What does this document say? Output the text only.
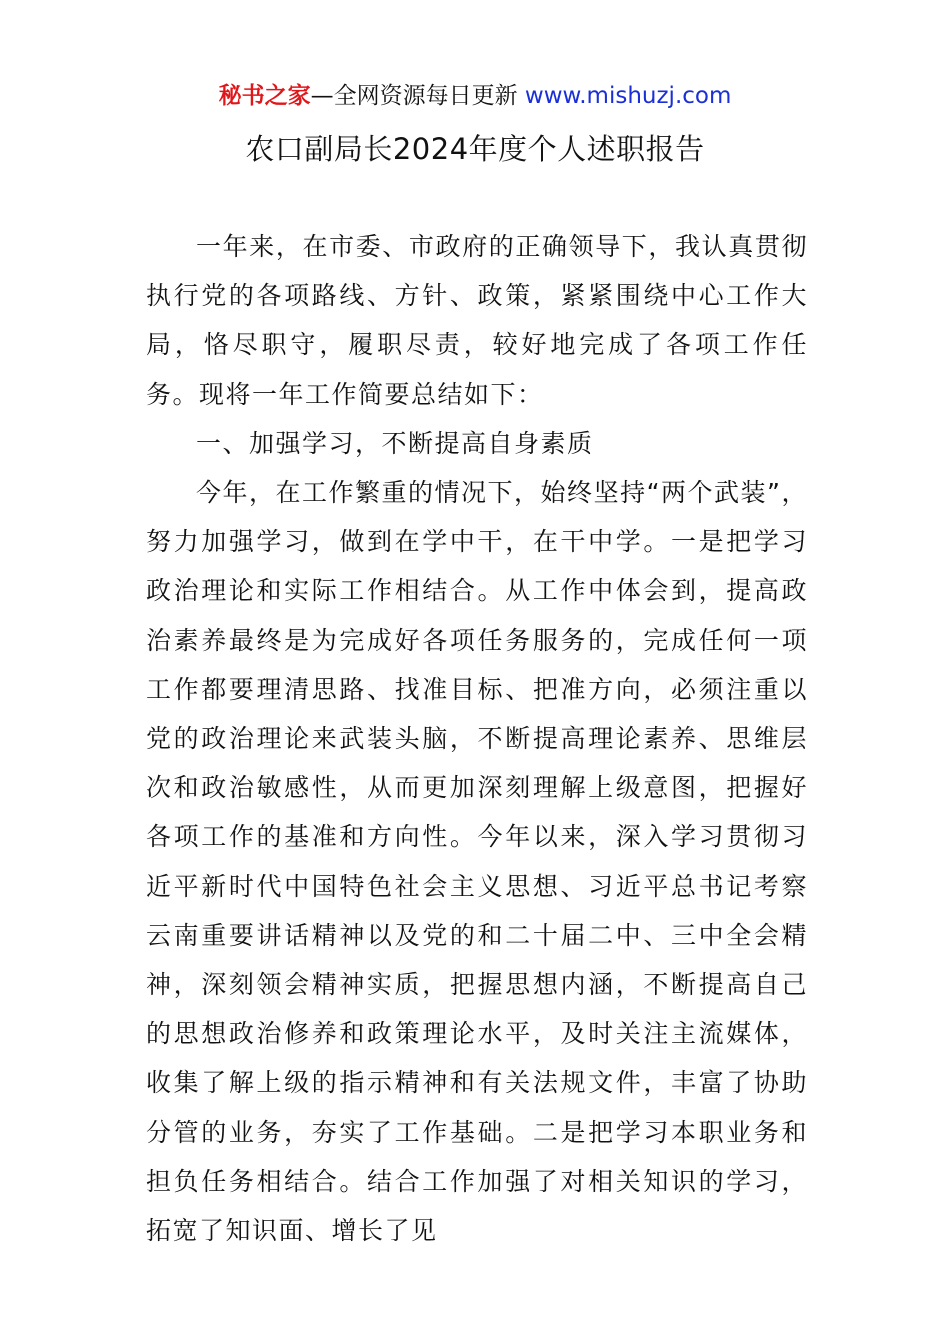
秘书之家—全网资源每日更新 www.mishuzj.com
农口副局长2024年度个人述职报告

一年来，在市委、市政府的正确领导下，我认真贯彻执行党的各项路线、方针、政策，紧紧围绕中心工作大局，恪尽职守，履职尽责，较好地完成了各项工作任务。现将一年工作简要总结如下：

一、加强学习，不断提高自身素质

今年，在工作繁重的情况下，始终坚持“两个武装”，努力加强学习，做到在学中干，在干中学。一是把学习政治理论和实际工作相结合。从工作中体会到，提高政治素养最终是为完成好各项任务服务的，完成任何一项工作都要理清思路、找准目标、把准方向，必须注重以党的政治理论来武装头脑，不断提高理论素养、思维层次和政治敏感性，从而更加深刻理解上级意图，把握好各项工作的基准和方向性。今年以来，深入学习贯彻习近平新时代中国特色社会主义思想、习近平总书记考察云南重要讲话精神以及党的和二十届二中、三中全会精神，深刻领会精神实质，把握思想内涵，不断提高自己的思想政治修养和政策理论水平，及时关注主流媒体，收集了解上级的指示精神和有关法规文件，丰富了协助分管的业务，夯实了工作基础。二是把学习本职业务和担负任务相结合。结合工作加强了对相关知识的学习，拓宽了知识面、增长了见
